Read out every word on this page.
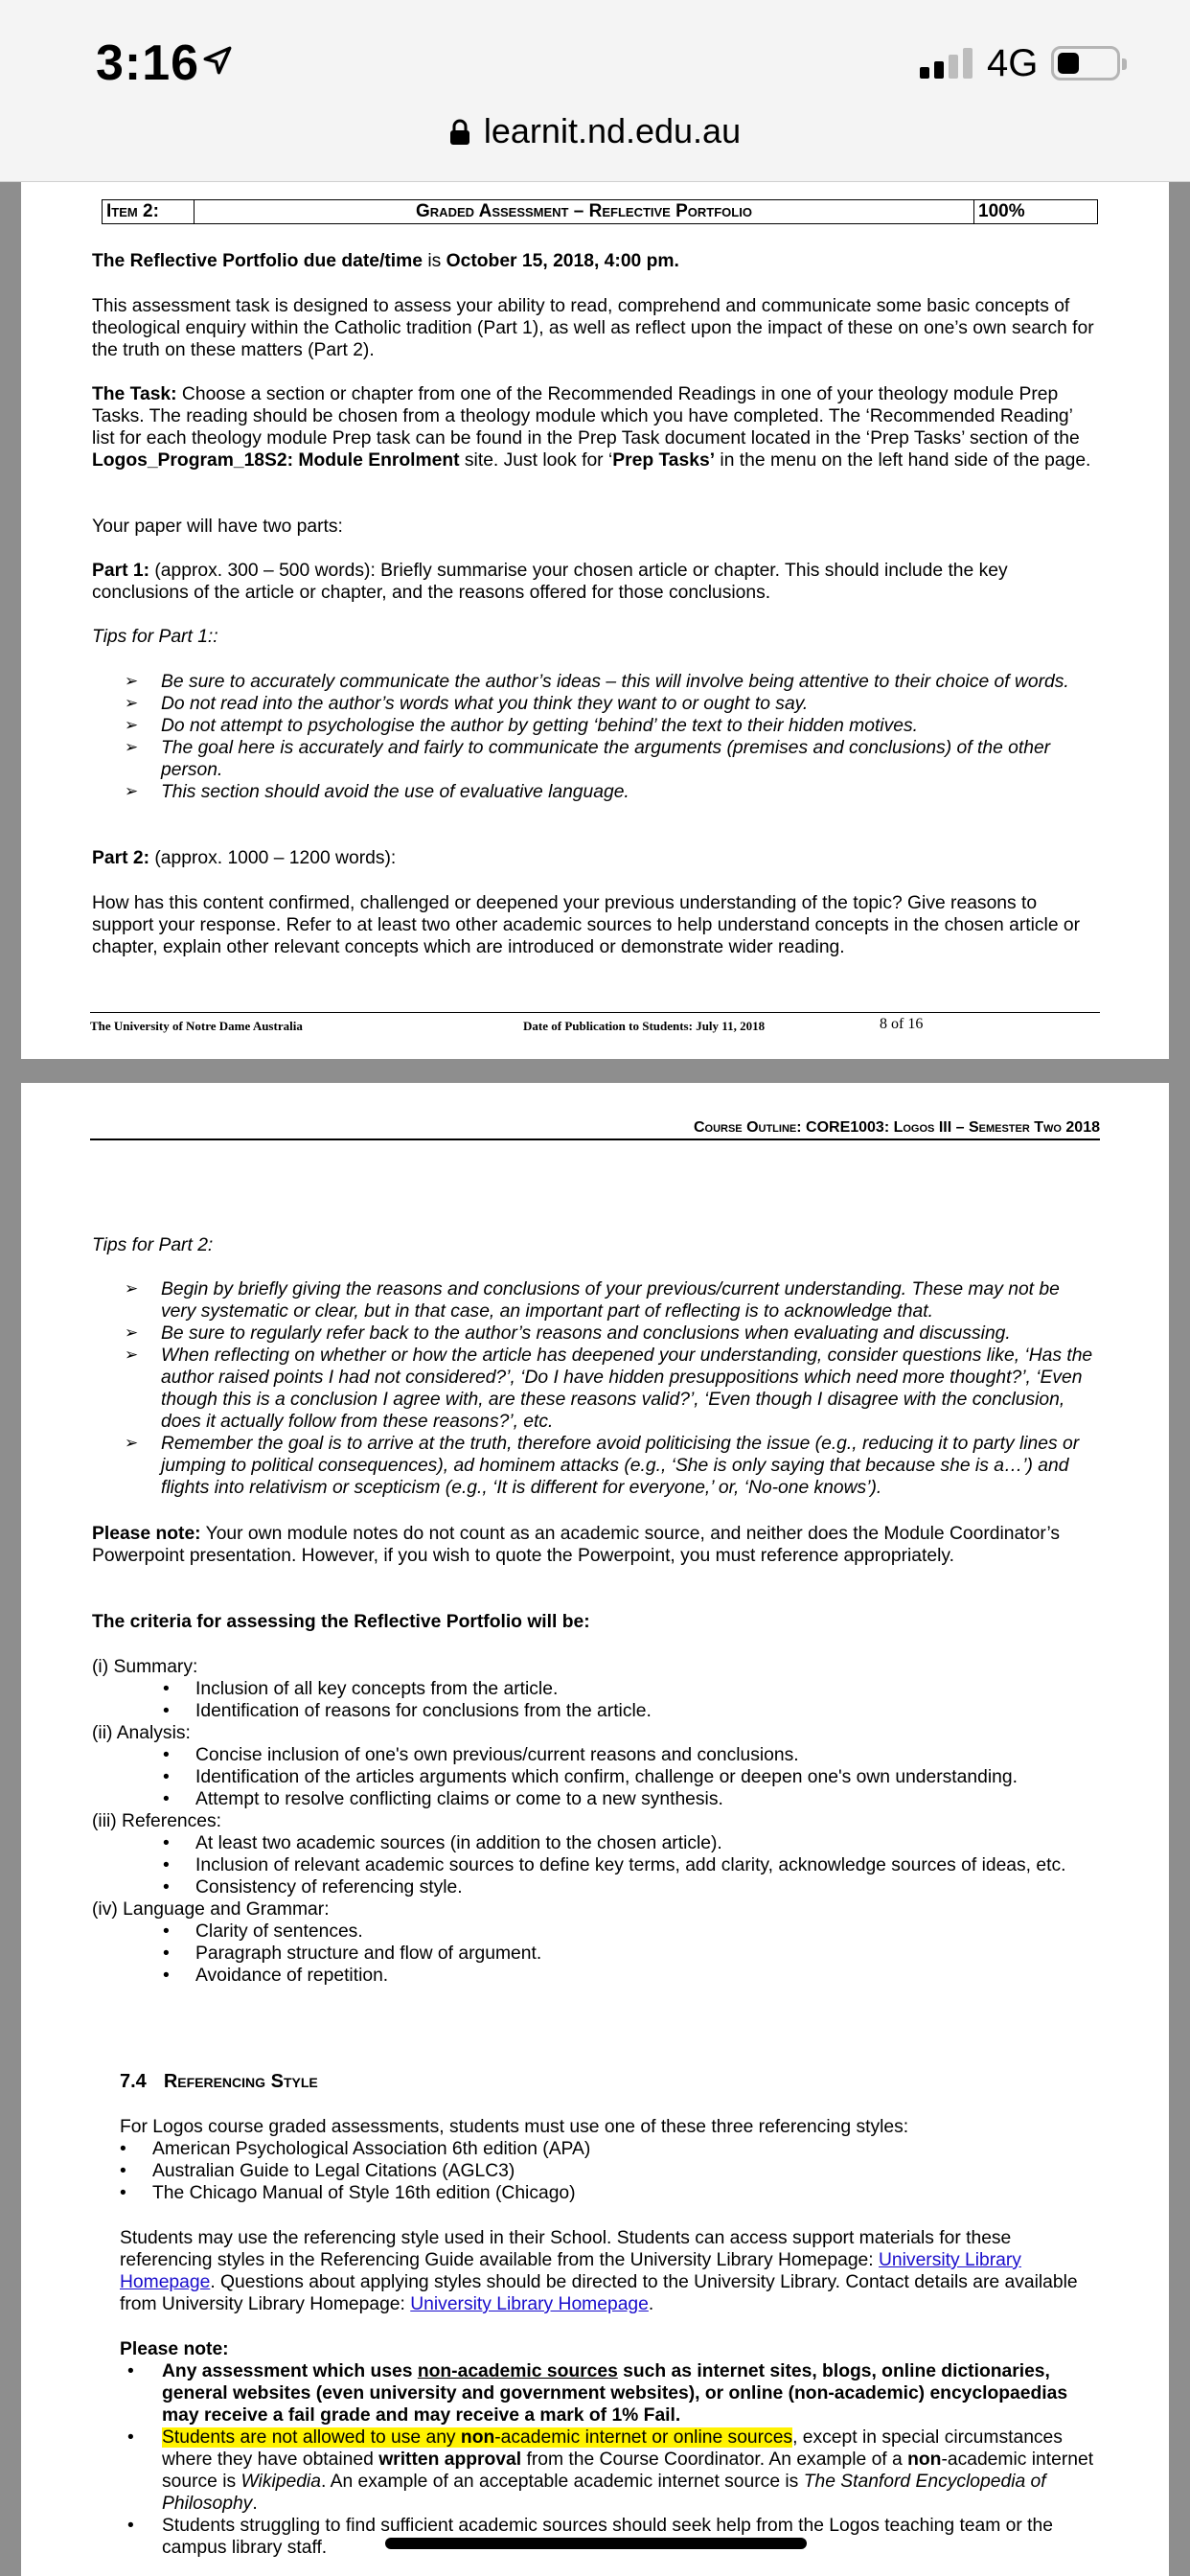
3:16	4G
learnit.nd.edu.au
Item 2:	Graded Assessment – Reflective Portfolio	100%
The Reflective Portfolio due date/time is October 15, 2018, 4:00 pm.
This assessment task is designed to assess your ability to read, comprehend and communicate some basic concepts of theological enquiry within the Catholic tradition (Part 1), as well as reflect upon the impact of these on one’s own search for the truth on these matters (Part 2).
The Task: Choose a section or chapter from one of the Recommended Readings in one of your theology module Prep Tasks. The reading should be chosen from a theology module which you have completed. The ‘Recommended Reading’ list for each theology module Prep task can be found in the Prep Task document located in the ‘Prep Tasks’ section of the Logos_Program_18S2: Module Enrolment site. Just look for ‘Prep Tasks’ in the menu on the left hand side of the page.
Your paper will have two parts:
Part 1: (approx. 300 – 500 words): Briefly summarise your chosen article or chapter. This should include the key conclusions of the article or chapter, and the reasons offered for those conclusions.
Tips for Part 1::
➢ Be sure to accurately communicate the author’s ideas – this will involve being attentive to their choice of words.
➢ Do not read into the author’s words what you think they want to or ought to say.
➢ Do not attempt to psychologise the author by getting ‘behind’ the text to their hidden motives.
➢ The goal here is accurately and fairly to communicate the arguments (premises and conclusions) of the other person.
➢ This section should avoid the use of evaluative language.
Part 2: (approx. 1000 – 1200 words):
How has this content confirmed, challenged or deepened your previous understanding of the topic? Give reasons to support your response. Refer to at least two other academic sources to help understand concepts in the chosen article or chapter, explain other relevant concepts which are introduced or demonstrate wider reading.
The University of Notre Dame Australia	Date of Publication to Students: July 11, 2018	8 of 16
Course Outline: CORE1003: Logos III – Semester Two 2018
Tips for Part 2:
➢ Begin by briefly giving the reasons and conclusions of your previous/current understanding. These may not be very systematic or clear, but in that case, an important part of reflecting is to acknowledge that.
➢ Be sure to regularly refer back to the author’s reasons and conclusions when evaluating and discussing.
➢ When reflecting on whether or how the article has deepened your understanding, consider questions like, ‘Has the author raised points I had not considered?’, ‘Do I have hidden presuppositions which need more thought?’, ‘Even though this is a conclusion I agree with, are these reasons valid?’, ‘Even though I disagree with the conclusion, does it actually follow from these reasons?’, etc.
➢ Remember the goal is to arrive at the truth, therefore avoid politicising the issue (e.g., reducing it to party lines or jumping to political consequences), ad hominem attacks (e.g., ‘She is only saying that because she is a…’) and flights into relativism or scepticism (e.g., ‘It is different for everyone,’ or, ‘No-one knows’).
Please note: Your own module notes do not count as an academic source, and neither does the Module Coordinator’s Powerpoint presentation. However, if you wish to quote the Powerpoint, you must reference appropriately.
The criteria for assessing the Reflective Portfolio will be:
(i) Summary:
• Inclusion of all key concepts from the article.
• Identification of reasons for conclusions from the article.
(ii) Analysis:
• Concise inclusion of one's own previous/current reasons and conclusions.
• Identification of the articles arguments which confirm, challenge or deepen one's own understanding.
• Attempt to resolve conflicting claims or come to a new synthesis.
(iii) References:
• At least two academic sources (in addition to the chosen article).
• Inclusion of relevant academic sources to define key terms, add clarity, acknowledge sources of ideas, etc.
• Consistency of referencing style.
(iv) Language and Grammar:
• Clarity of sentences.
• Paragraph structure and flow of argument.
• Avoidance of repetition.
7.4 Referencing Style
For Logos course graded assessments, students must use one of these three referencing styles:
• American Psychological Association 6th edition (APA)
• Australian Guide to Legal Citations (AGLC3)
• The Chicago Manual of Style 16th edition (Chicago)
Students may use the referencing style used in their School. Students can access support materials for these referencing styles in the Referencing Guide available from the University Library Homepage: University Library Homepage. Questions about applying styles should be directed to the University Library. Contact details are available from University Library Homepage: University Library Homepage.
Please note:
• Any assessment which uses non-academic sources such as internet sites, blogs, online dictionaries, general websites (even university and government websites), or online (non-academic) encyclopaedias may receive a fail grade and may receive a mark of 1% Fail.
• Students are not allowed to use any non-academic internet or online sources, except in special circumstances where they have obtained written approval from the Course Coordinator. An example of a non-academic internet source is Wikipedia. An example of an acceptable academic internet source is The Stanford Encyclopedia of Philosophy.
• Students struggling to find sufficient academic sources should seek help from the Logos teaching team or the campus library staff.
